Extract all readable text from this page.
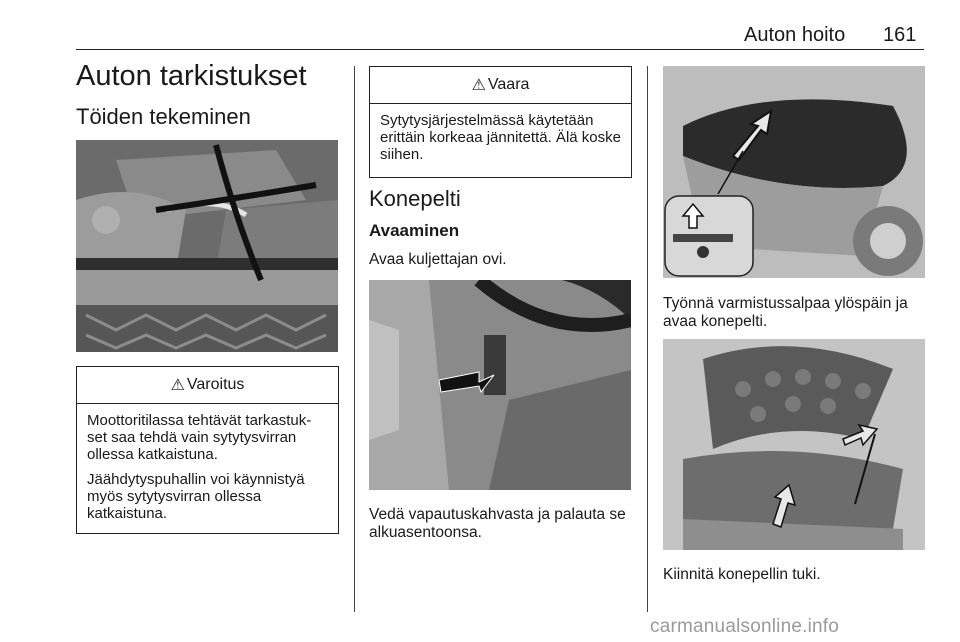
Auton hoito 161
Auton tarkistukset
Töiden tekeminen
⚠ Varoitus

Moottoritilassa tehtävät tarkastuk-set saa tehdä vain sytytysvirran ollessa katkaistuna.

Jäähdytyspuhallin voi käynnistyä myös sytytysvirran ollessa katkaistuna.

⚠ Vaara

Sytytysjärjestelmässä käytetään erittäin korkeaa jännitettä. Älä koske siihen.

Konepelti
Avaaminen
Avaa kuljettajan ovi.
Vedä vapautuskahvasta ja palauta se alkuasentoonsa.
Työnnä varmistussalpaa ylöspäin ja avaa konepelti.
Kiinnitä konepellin tuki.
carmanualsonline.info
